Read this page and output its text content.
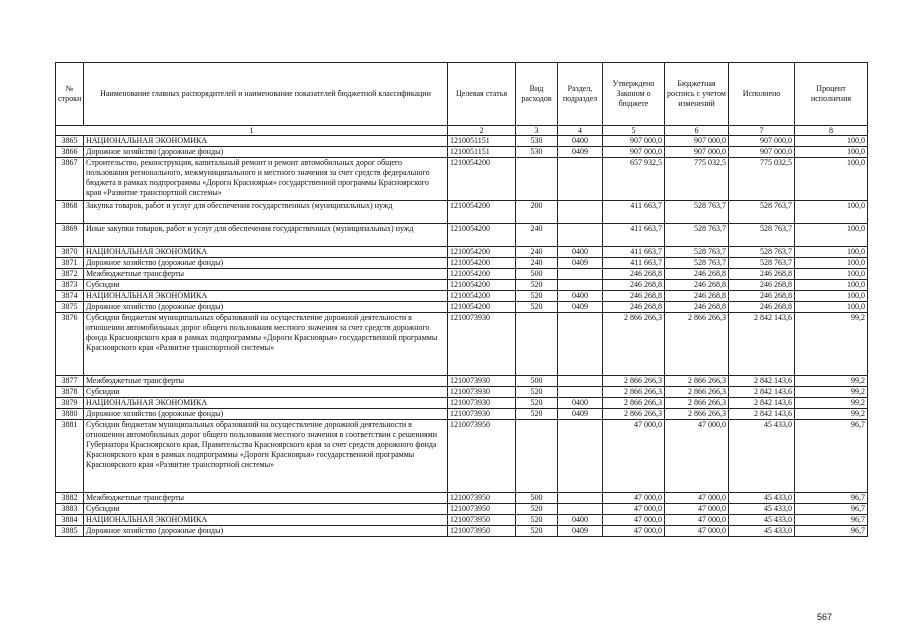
№ строки	Наименование главных распорядителей и наименование показателей бюджетной классификации	Целевая статья	Вид расходов	Раздел, подраздел	Утверждено Законом о бюджете	Бюджетная роспись с учетом изменений	Исполнено	Процент исполнения
1		2	3	4	5	6	7	8
3865	НАЦИОНАЛЬНАЯ ЭКОНОМИКА	1210051151	530	0400	907 000,0	907 000,0	907 000,0	100,0
3866	Дорожное хозяйство (дорожные фонды)	1210051151	530	0409	907 000,0	907 000,0	907 000,0	100,0
3867	Строительство, реконструкция, капитальный ремонт и ремонт автомобильных дорог общего пользования регионального, межмуниципального и местного значения за счет средств федерального бюджета в рамках подпрограммы «Дороги Красноярья» государственной программы Красноярского края «Развитие транспортной системы»	1210054200			657 932,5	775 032,5	775 032,5	100,0
3868	Закупка товаров, работ и услуг для обеспечения государственных (муниципальных) нужд	1210054200	200		411 663,7	528 763,7	528 763,7	100,0
3869	Иные закупки товаров, работ и услуг для обеспечения государственных (муниципальных) нужд	1210054200	240		411 663,7	528 763,7	528 763,7	100,0
3870	НАЦИОНАЛЬНАЯ ЭКОНОМИКА	1210054200	240	0400	411 663,7	528 763,7	528 763,7	100,0
3871	Дорожное хозяйство (дорожные фонды)	1210054200	240	0409	411 663,7	528 763,7	528 763,7	100,0
3872	Межбюджетные трансферты	1210054200	500		246 268,8	246 268,8	246 268,8	100,0
3873	Субсидии	1210054200	520		246 268,8	246 268,8	246 268,8	100,0
3874	НАЦИОНАЛЬНАЯ ЭКОНОМИКА	1210054200	520	0400	246 268,8	246 268,8	246 268,8	100,0
3875	Дорожное хозяйство (дорожные фонды)	1210054200	520	0409	246 268,8	246 268,8	246 268,8	100,0
3876	Субсидии бюджетам муниципальных образований на осуществление дорожной деятельности в отношении автомобильных дорог общего пользования местного значения за счет средств дорожного фонда Красноярского края в рамках подпрограммы «Дороги Красноярья» государственной программы Красноярского края «Развитие транспортной системы»	1210073930			2 866 266,3	2 866 266,3	2 842 143,6	99,2
3877	Межбюджетные трансферты	1210073930	500		2 866 266,3	2 866 266,3	2 842 143,6	99,2
3878	Субсидии	1210073930	520		2 866 266,3	2 866 266,3	2 842 143,6	99,2
3879	НАЦИОНАЛЬНАЯ ЭКОНОМИКА	1210073930	520	0400	2 866 266,3	2 866 266,3	2 842 143,6	99,2
3880	Дорожное хозяйство (дорожные фонды)	1210073930	520	0409	2 866 266,3	2 866 266,3	2 842 143,6	99,2
3881	Субсидии бюджетам муниципальных образований на осуществление дорожной деятельности в отношении автомобильных дорог общего пользования местного значения в соответствии с решениями Губернатора Красноярского края, Правительства Красноярского края за счет средств дорожного фонда Красноярского края в рамках подпрограммы «Дороги Красноярья» государственной программы Красноярского края «Развитие транспортной системы»	1210073950			47 000,0	47 000,0	45 433,0	96,7
3882	Межбюджетные трансферты	1210073950	500		47 000,0	47 000,0	45 433,0	96,7
3883	Субсидии	1210073950	520		47 000,0	47 000,0	45 433,0	96,7
3884	НАЦИОНАЛЬНАЯ ЭКОНОМИКА	1210073950	520	0400	47 000,0	47 000,0	45 433,0	96,7
3885	Дорожное хозяйство (дорожные фонды)	1210073950	520	0409	47 000,0	47 000,0	45 433,0	96,7
567
